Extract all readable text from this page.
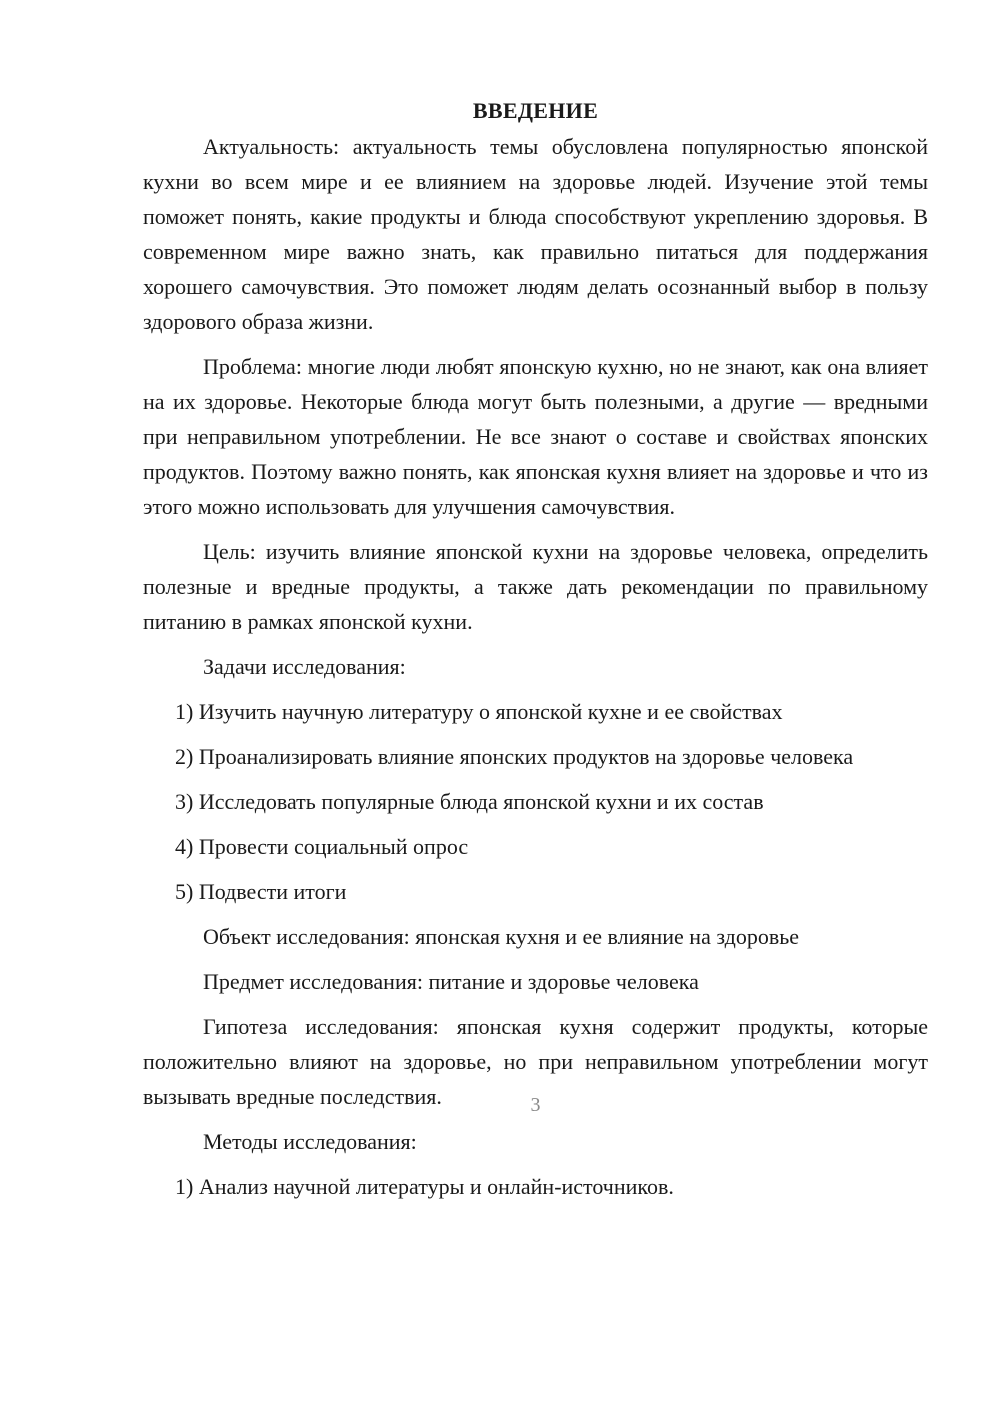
ВВЕДЕНИЕ

Актуальность: актуальность темы обусловлена популярностью японской кухни во всем мире и ее влиянием на здоровье людей. Изучение этой темы поможет понять, какие продукты и блюда способствуют укреплению здоровья. В современном мире важно знать, как правильно питаться для поддержания хорошего самочувствия. Это поможет людям делать осознанный выбор в пользу здорового образа жизни.

Проблема: многие люди любят японскую кухню, но не знают, как она влияет на их здоровье. Некоторые блюда могут быть полезными, а другие — вредными при неправильном употреблении. Не все знают о составе и свойствах японских продуктов. Поэтому важно понять, как японская кухня влияет на здоровье и что из этого можно использовать для улучшения самочувствия.

Цель: изучить влияние японской кухни на здоровье человека, определить полезные и вредные продукты, а также дать рекомендации по правильному питанию в рамках японской кухни.

Задачи исследования:

1) Изучить научную литературу о японской кухне и ее свойствах

2) Проанализировать влияние японских продуктов на здоровье человека

3) Исследовать популярные блюда японской кухни и их состав

4) Провести социальный опрос

5) Подвести итоги

Объект исследования: японская кухня и ее влияние на здоровье

Предмет исследования: питание и здоровье человека

Гипотеза исследования: японская кухня содержит продукты, которые положительно влияют на здоровье, но при неправильном употреблении могут вызывать вредные последствия.

Методы исследования:

1) Анализ научной литературы и онлайн-источников.

3
